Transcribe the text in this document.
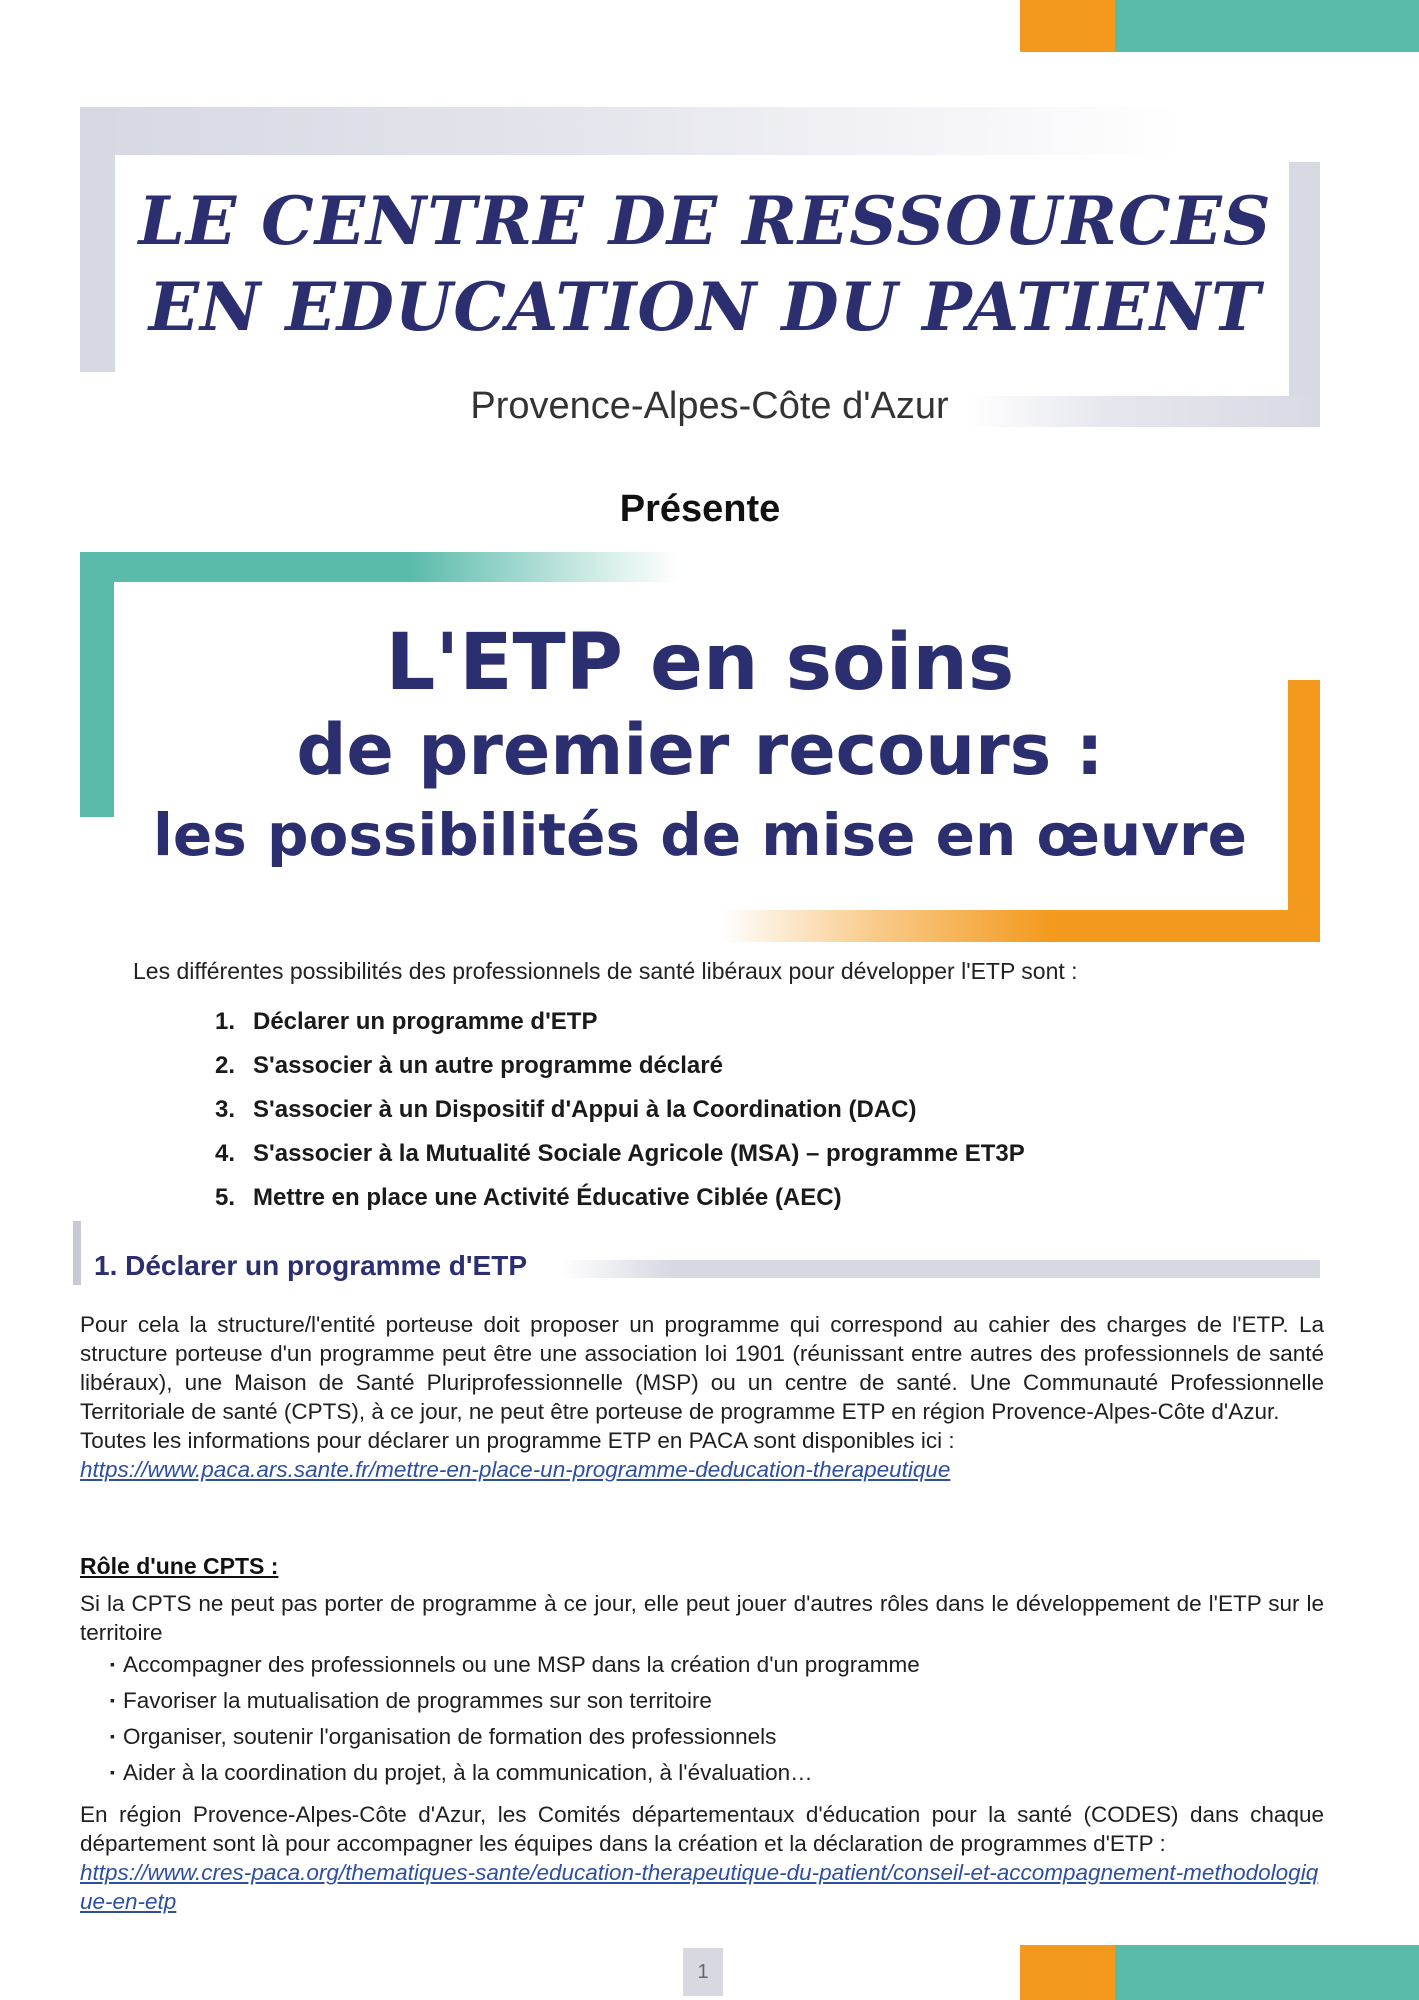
LE CENTRE DE RESSOURCES
EN EDUCATION DU PATIENT
Provence-Alpes-Côte d'Azur
Présente
L'ETP en soins
de premier recours :
les possibilités de mise en œuvre
Les différentes possibilités des professionnels de santé libéraux pour développer l'ETP sont :
1. Déclarer un programme d'ETP
2. S'associer à un autre programme déclaré
3. S'associer à un Dispositif d'Appui à la Coordination (DAC)
4. S'associer à la Mutualité Sociale Agricole (MSA) – programme ET3P
5. Mettre en place une Activité Éducative Ciblée (AEC)
1. Déclarer un programme d'ETP

Pour cela la structure/l'entité porteuse doit proposer un programme qui correspond au cahier des charges de l'ETP. La structure porteuse d'un programme peut être une association loi 1901 (réunissant entre autres des professionnels de santé libéraux), une Maison de Santé Pluriprofessionnelle (MSP) ou un centre de santé. Une Communauté Professionnelle Territoriale de santé (CPTS), à ce jour, ne peut être porteuse de programme ETP en région Provence-Alpes-Côte d'Azur.

Toutes les informations pour déclarer un programme ETP en PACA sont disponibles ici :

https://www.paca.ars.sante.fr/mettre-en-place-un-programme-deducation-therapeutique

Rôle d'une CPTS :
Si la CPTS ne peut pas porter de programme à ce jour, elle peut jouer d'autres rôles dans le développement de l'ETP sur le territoire
▪ Accompagner des professionnels ou une MSP dans la création d'un programme
▪ Favoriser la mutualisation de programmes sur son territoire
▪ Organiser, soutenir l'organisation de formation des professionnels
▪ Aider à la coordination du projet, à la communication, à l'évaluation…

En région Provence-Alpes-Côte d'Azur, les Comités départementaux d'éducation pour la santé (CODES) dans chaque département sont là pour accompagner les équipes dans la création et la déclaration de programmes d'ETP :

https://www.cres-paca.org/thematiques-sante/education-therapeutique-du-patient/conseil-et-accompagnement-methodologique-en-etp

1
